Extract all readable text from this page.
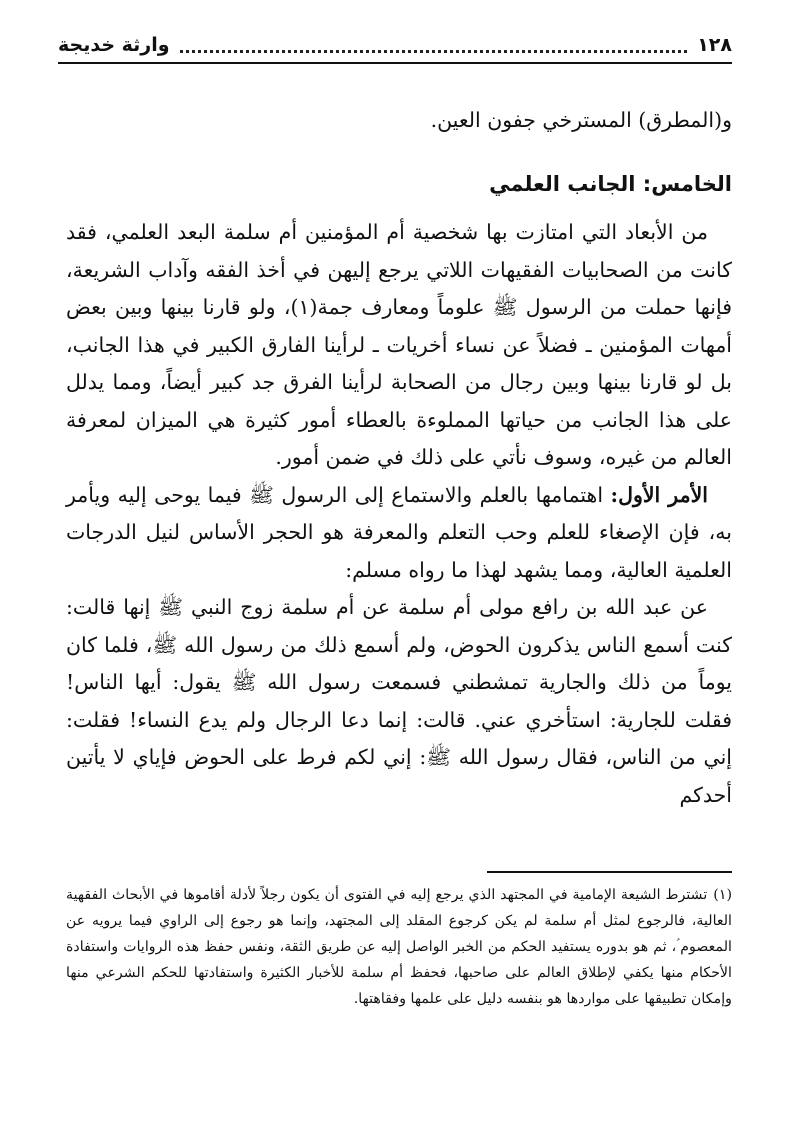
١٢٨
وارثة خديجة
و(المطرق) المسترخي جفون العين.
الخامس: الجانب العلمي

من الأبعاد التي امتازت بها شخصية أم المؤمنين أم سلمة البعد العلمي، فقد كانت من الصحابيات الفقيهات اللاتي يرجع إليهن في أخذ الفقه وآداب الشريعة، فإنها حملت من الرسول ﷺ علوماً ومعارف جمة(١)، ولو قارنا بينها وبين بعض أمهات المؤمنين ـ فضلاً عن نساء أخريات ـ لرأينا الفارق الكبير في هذا الجانب، بل لو قارنا بينها وبين رجال من الصحابة لرأينا الفرق جد كبير أيضاً، ومما يدلل على هذا الجانب من حياتها المملوءة بالعطاء أمور كثيرة هي الميزان لمعرفة العالم من غيره، وسوف نأتي على ذلك في ضمن أمور.

الأمر الأول: اهتمامها بالعلم والاستماع إلى الرسول ﷺ فيما يوحى إليه ويأمر به، فإن الإصغاء للعلم وحب التعلم والمعرفة هو الحجر الأساس لنيل الدرجات العلمية العالية، ومما يشهد لهذا ما رواه مسلم:

عن عبد الله بن رافع مولى أم سلمة عن أم سلمة زوج النبي ﷺ إنها قالت: كنت أسمع الناس يذكرون الحوض، ولم أسمع ذلك من رسول الله ﷺ، فلما كان يوماً من ذلك والجارية تمشطني فسمعت رسول الله ﷺ يقول: أيها الناس! فقلت للجارية: استأخري عني. قالت: إنما دعا الرجال ولم يدع النساء! فقلت: إني من الناس، فقال رسول الله ﷺ: إني لكم فرط على الحوض فإياي لا يأتين أحدكم

(١)تشترط الشيعة الإمامية في المجتهد الذي يرجع إليه في الفتوى أن يكون رجلاً لأدلة أقاموها في الأبحاث الفقهية العالية، فالرجوع لمثل أم سلمة لم يكن كرجوع المقلد إلى المجتهد، وإنما هو رجوع إلى الراوي فيما يرويه عن المعصوم ؑ، ثم هو بدوره يستفيد الحكم من الخبر الواصل إليه عن طريق الثقة، ونفس حفظ هذه الروايات واستفادة الأحكام منها يكفي لإطلاق العالم على صاحبها، فحفظ أم سلمة للأخبار الكثيرة واستفادتها للحكم الشرعي منها وإمكان تطبيقها على مواردها هو بنفسه دليل على علمها وفقاهتها.
